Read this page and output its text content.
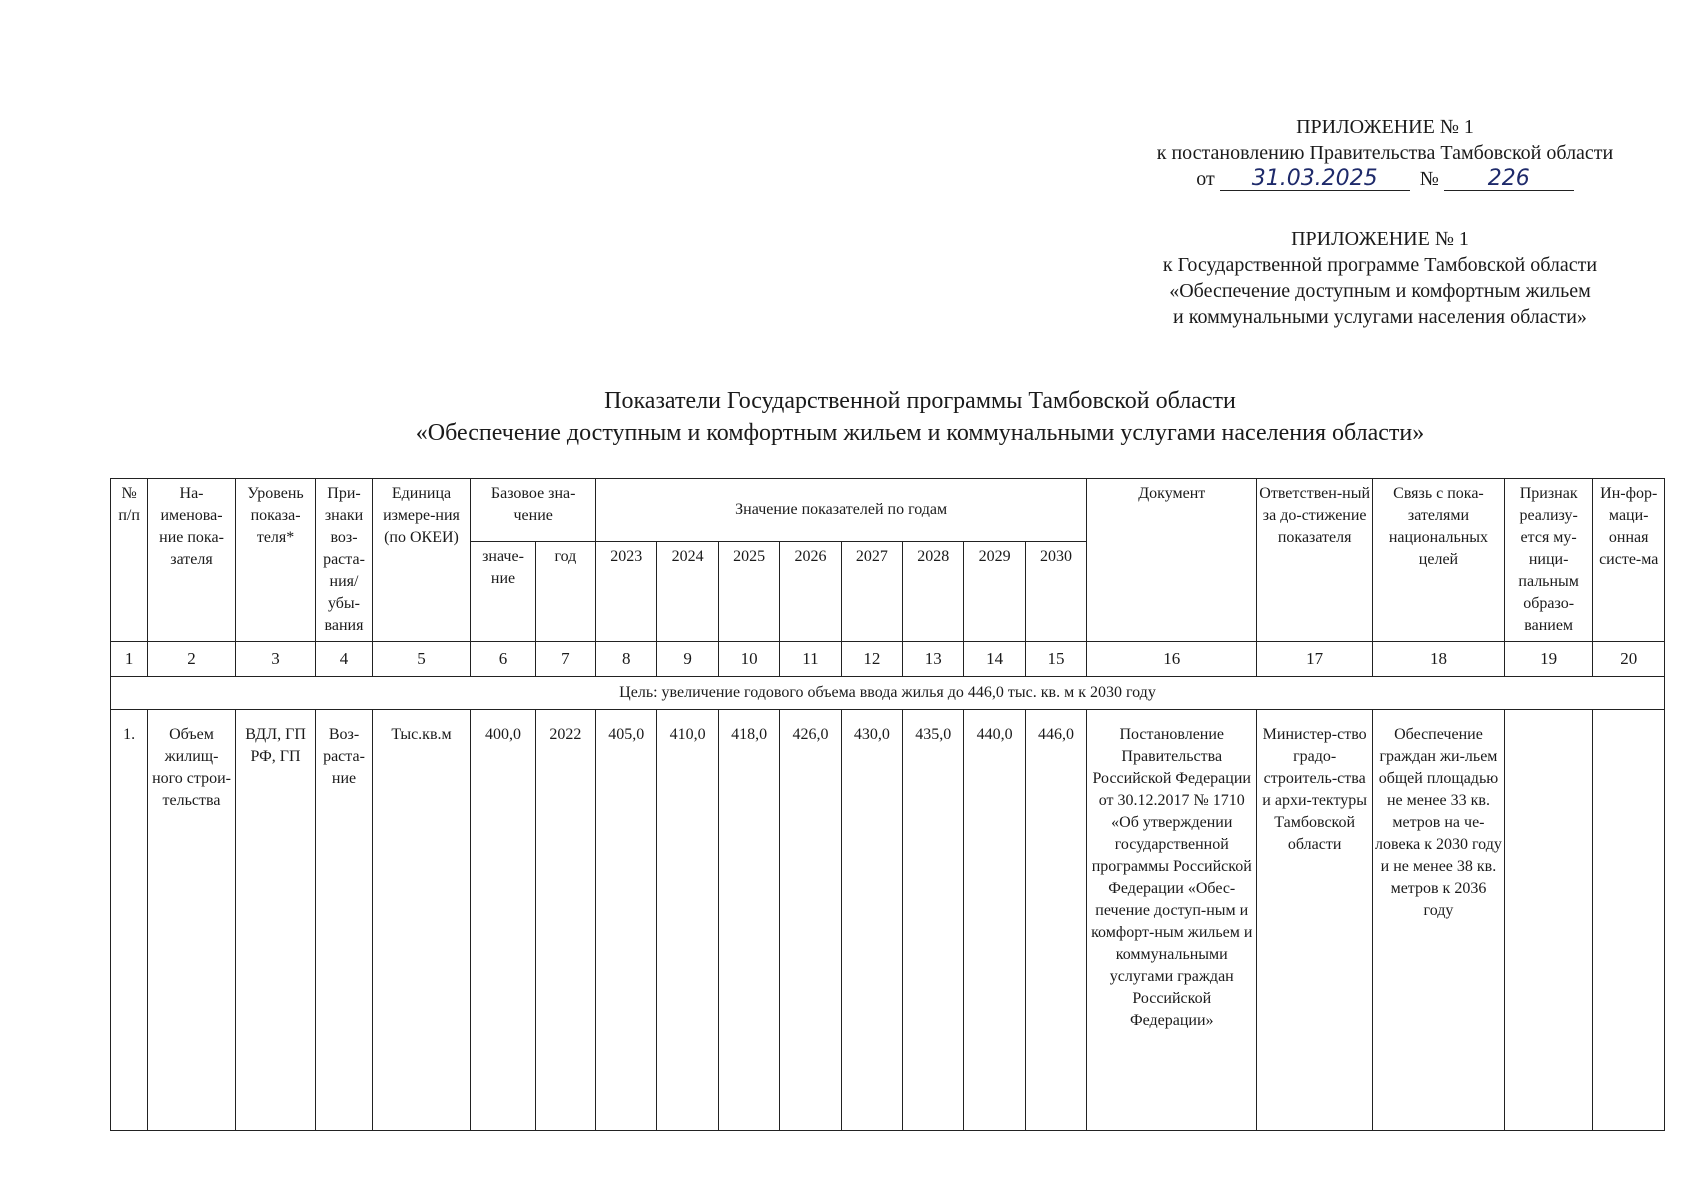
ПРИЛОЖЕНИЕ № 1
к постановлению Правительства Тамбовской области
от 31.03.2025 № 226
ПРИЛОЖЕНИЕ № 1
к Государственной программе Тамбовской области
«Обеспечение доступным и комфортным жильем
и коммунальными услугами населения области»
Показатели Государственной программы Тамбовской области
«Обеспечение доступным и комфортным жильем и коммунальными услугами населения области»
№ п/п	На-именова-ние пока-зателя	Уровень показа-теля*	При-знаки воз-раста-ния/ убы-вания	Единица измере-ния (по ОКЕИ)	Базовое зна-чение		Значение показателей по годам								Документ	Ответствен-ный за до-стижение показателя	Связь с пока-зателями национальных целей	Признак реализу-ется му-ници-пальным образо-ванием	Ин-фор-маци-онная систе-ма
					значе-ние	год	2023	2024	2025	2026	2027	2028	2029	2030					
1	2	3	4	5	6	7	8	9	10	11	12	13	14	15	16	17	18	19	20
Цель: увеличение годового объема ввода жилья до 446,0 тыс. кв. м к 2030 году																			
1.	Объем жилищ-ного строи-тельства	ВДЛ, ГП РФ, ГП	Воз-раста-ние	Тыс.кв.м	400,0	2022	405,0	410,0	418,0	426,0	430,0	435,0	440,0	446,0	Постановление Правительства Российской Федерации от 30.12.2017 № 1710 «Об утверждении государственной программы Российской Федерации «Обес-печение доступ-ным и комфорт-ным жильем и коммунальными услугами граждан Российской Федерации»	Министер-ство градо-строитель-ства и архи-тектуры Тамбовской области	Обеспечение граждан жи-льем общей площадью не менее 33 кв. метров на че-ловека к 2030 году и не менее 38 кв. метров к 2036 году		
